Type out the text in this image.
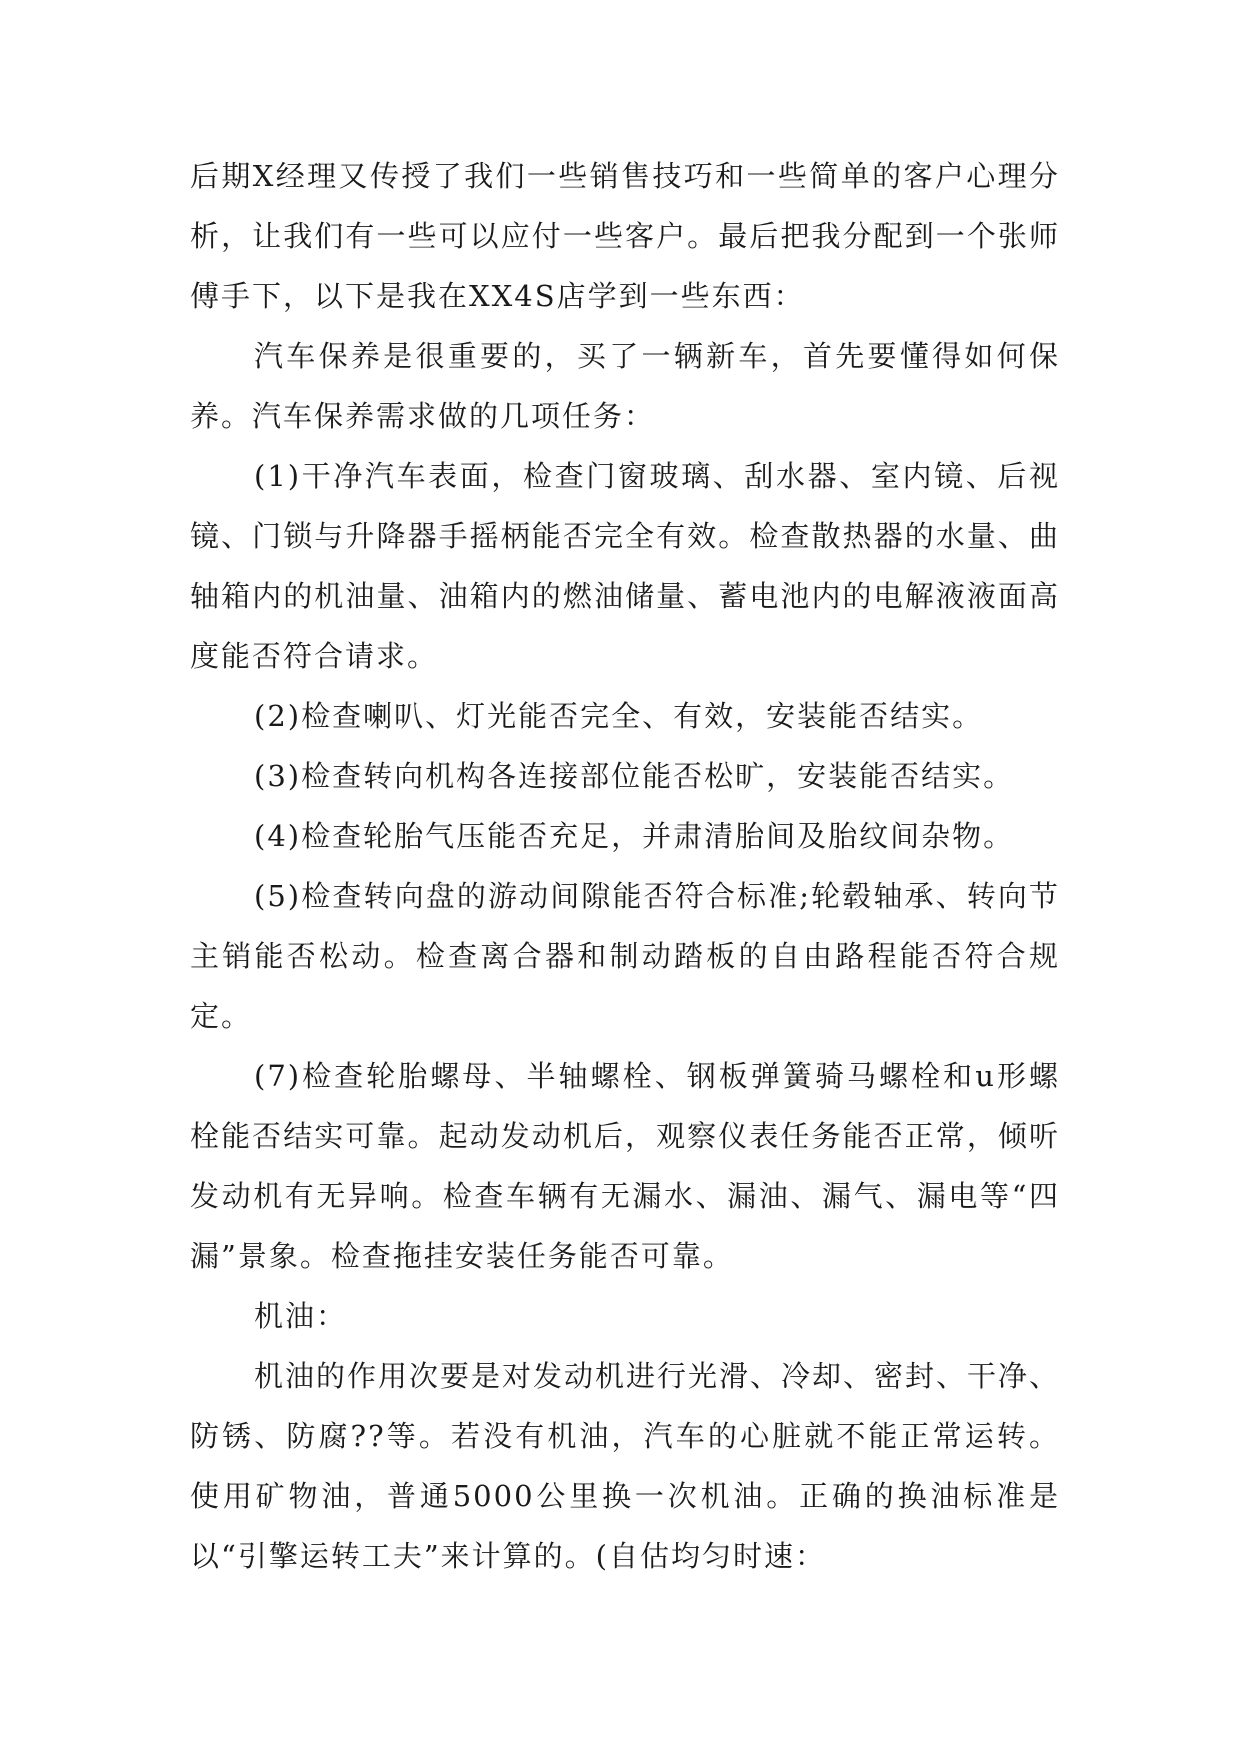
后期X经理又传授了我们一些销售技巧和一些简单的客户心理分析，让我们有一些可以应付一些客户。最后把我分配到一个张师傅手下，以下是我在XX4S店学到一些东西：

汽车保养是很重要的，买了一辆新车，首先要懂得如何保养。汽车保养需求做的几项任务：

(1)干净汽车表面，检查门窗玻璃、刮水器、室内镜、后视镜、门锁与升降器手摇柄能否完全有效。检查散热器的水量、曲轴箱内的机油量、油箱内的燃油储量、蓄电池内的电解液液面高度能否符合请求。

(2)检查喇叭、灯光能否完全、有效，安装能否结实。

(3)检查转向机构各连接部位能否松旷，安装能否结实。

(4)检查轮胎气压能否充足，并肃清胎间及胎纹间杂物。

(5)检查转向盘的游动间隙能否符合标准;轮毂轴承、转向节主销能否松动。检查离合器和制动踏板的自由路程能否符合规定。

(7)检查轮胎螺母、半轴螺栓、钢板弹簧骑马螺栓和u形螺栓能否结实可靠。起动发动机后，观察仪表任务能否正常，倾听发动机有无异响。检查车辆有无漏水、漏油、漏气、漏电等“四漏”景象。检查拖挂安装任务能否可靠。

机油：

机油的作用次要是对发动机进行光滑、冷却、密封、干净、防锈、防腐??等。若没有机油，汽车的心脏就不能正常运转。使用矿物油，普通5000公里换一次机油。正确的换油标准是以“引擎运转工夫”来计算的。(自估均匀时速：
